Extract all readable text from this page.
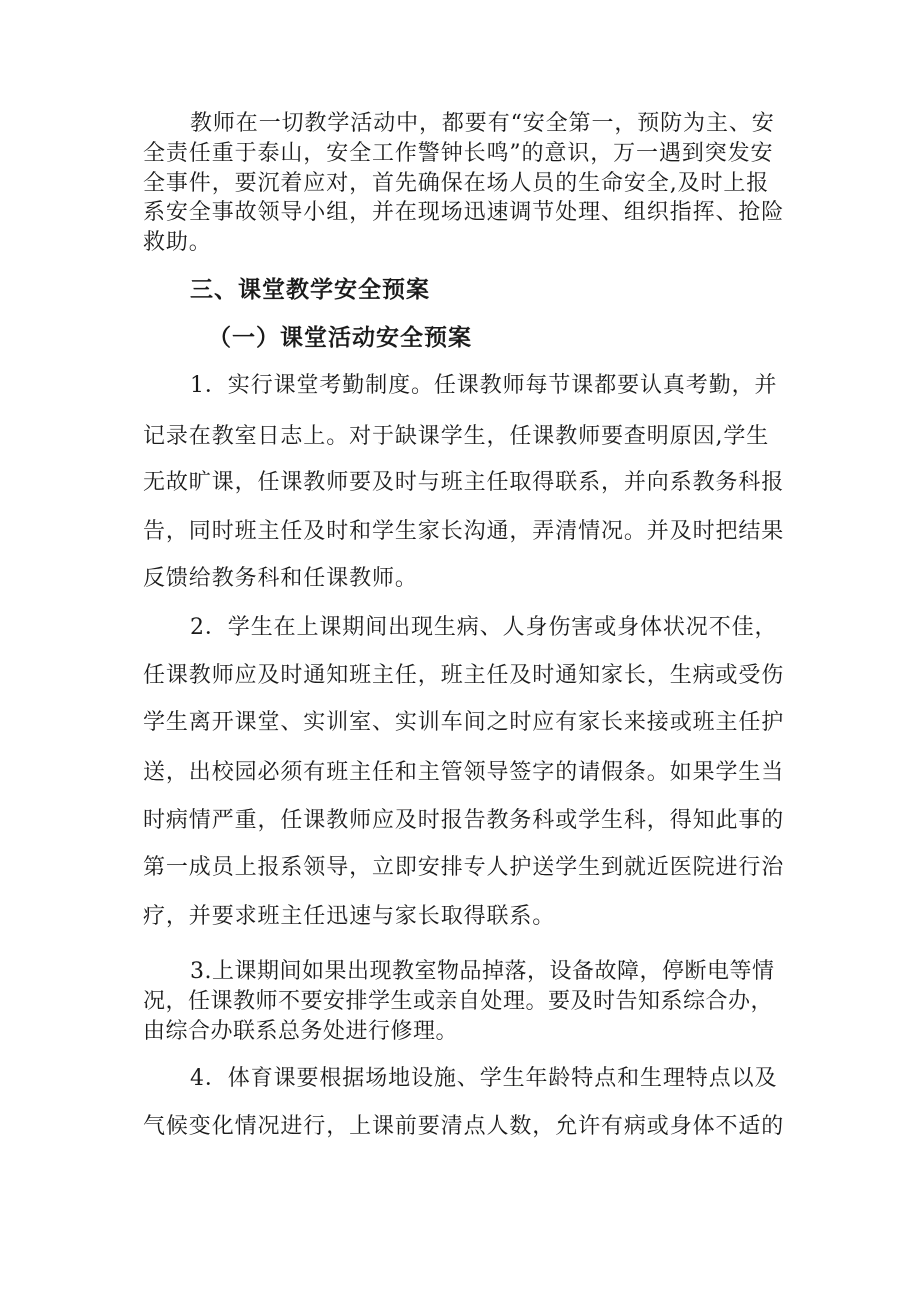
教师在一切教学活动中，都要有“安全第一，预防为主、安
全责任重于泰山，安全工作警钟长鸣”的意识，万一遇到突发安
全事件，要沉着应对，首先确保在场人员的生命安全,及时上报
系安全事故领导小组，并在现场迅速调节处理、组织指挥、抢险
救助。
三、课堂教学安全预案
（一）课堂活动安全预案
1．实行课堂考勤制度。任课教师每节课都要认真考勤，并
记录在教室日志上。对于缺课学生，任课教师要查明原因,学生
无故旷课，任课教师要及时与班主任取得联系，并向系教务科报
告，同时班主任及时和学生家长沟通，弄清情况。并及时把结果
反馈给教务科和任课教师。
2．学生在上课期间出现生病、人身伤害或身体状况不佳，
任课教师应及时通知班主任，班主任及时通知家长，生病或受伤
学生离开课堂、实训室、实训车间之时应有家长来接或班主任护
送，出校园必须有班主任和主管领导签字的请假条。如果学生当
时病情严重，任课教师应及时报告教务科或学生科，得知此事的
第一成员上报系领导，立即安排专人护送学生到就近医院进行治
疗，并要求班主任迅速与家长取得联系。
3.上课期间如果出现教室物品掉落，设备故障，停断电等情
况，任课教师不要安排学生或亲自处理。要及时告知系综合办，
由综合办联系总务处进行修理。
4．体育课要根据场地设施、学生年龄特点和生理特点以及
气候变化情况进行，上课前要清点人数，允许有病或身体不适的
